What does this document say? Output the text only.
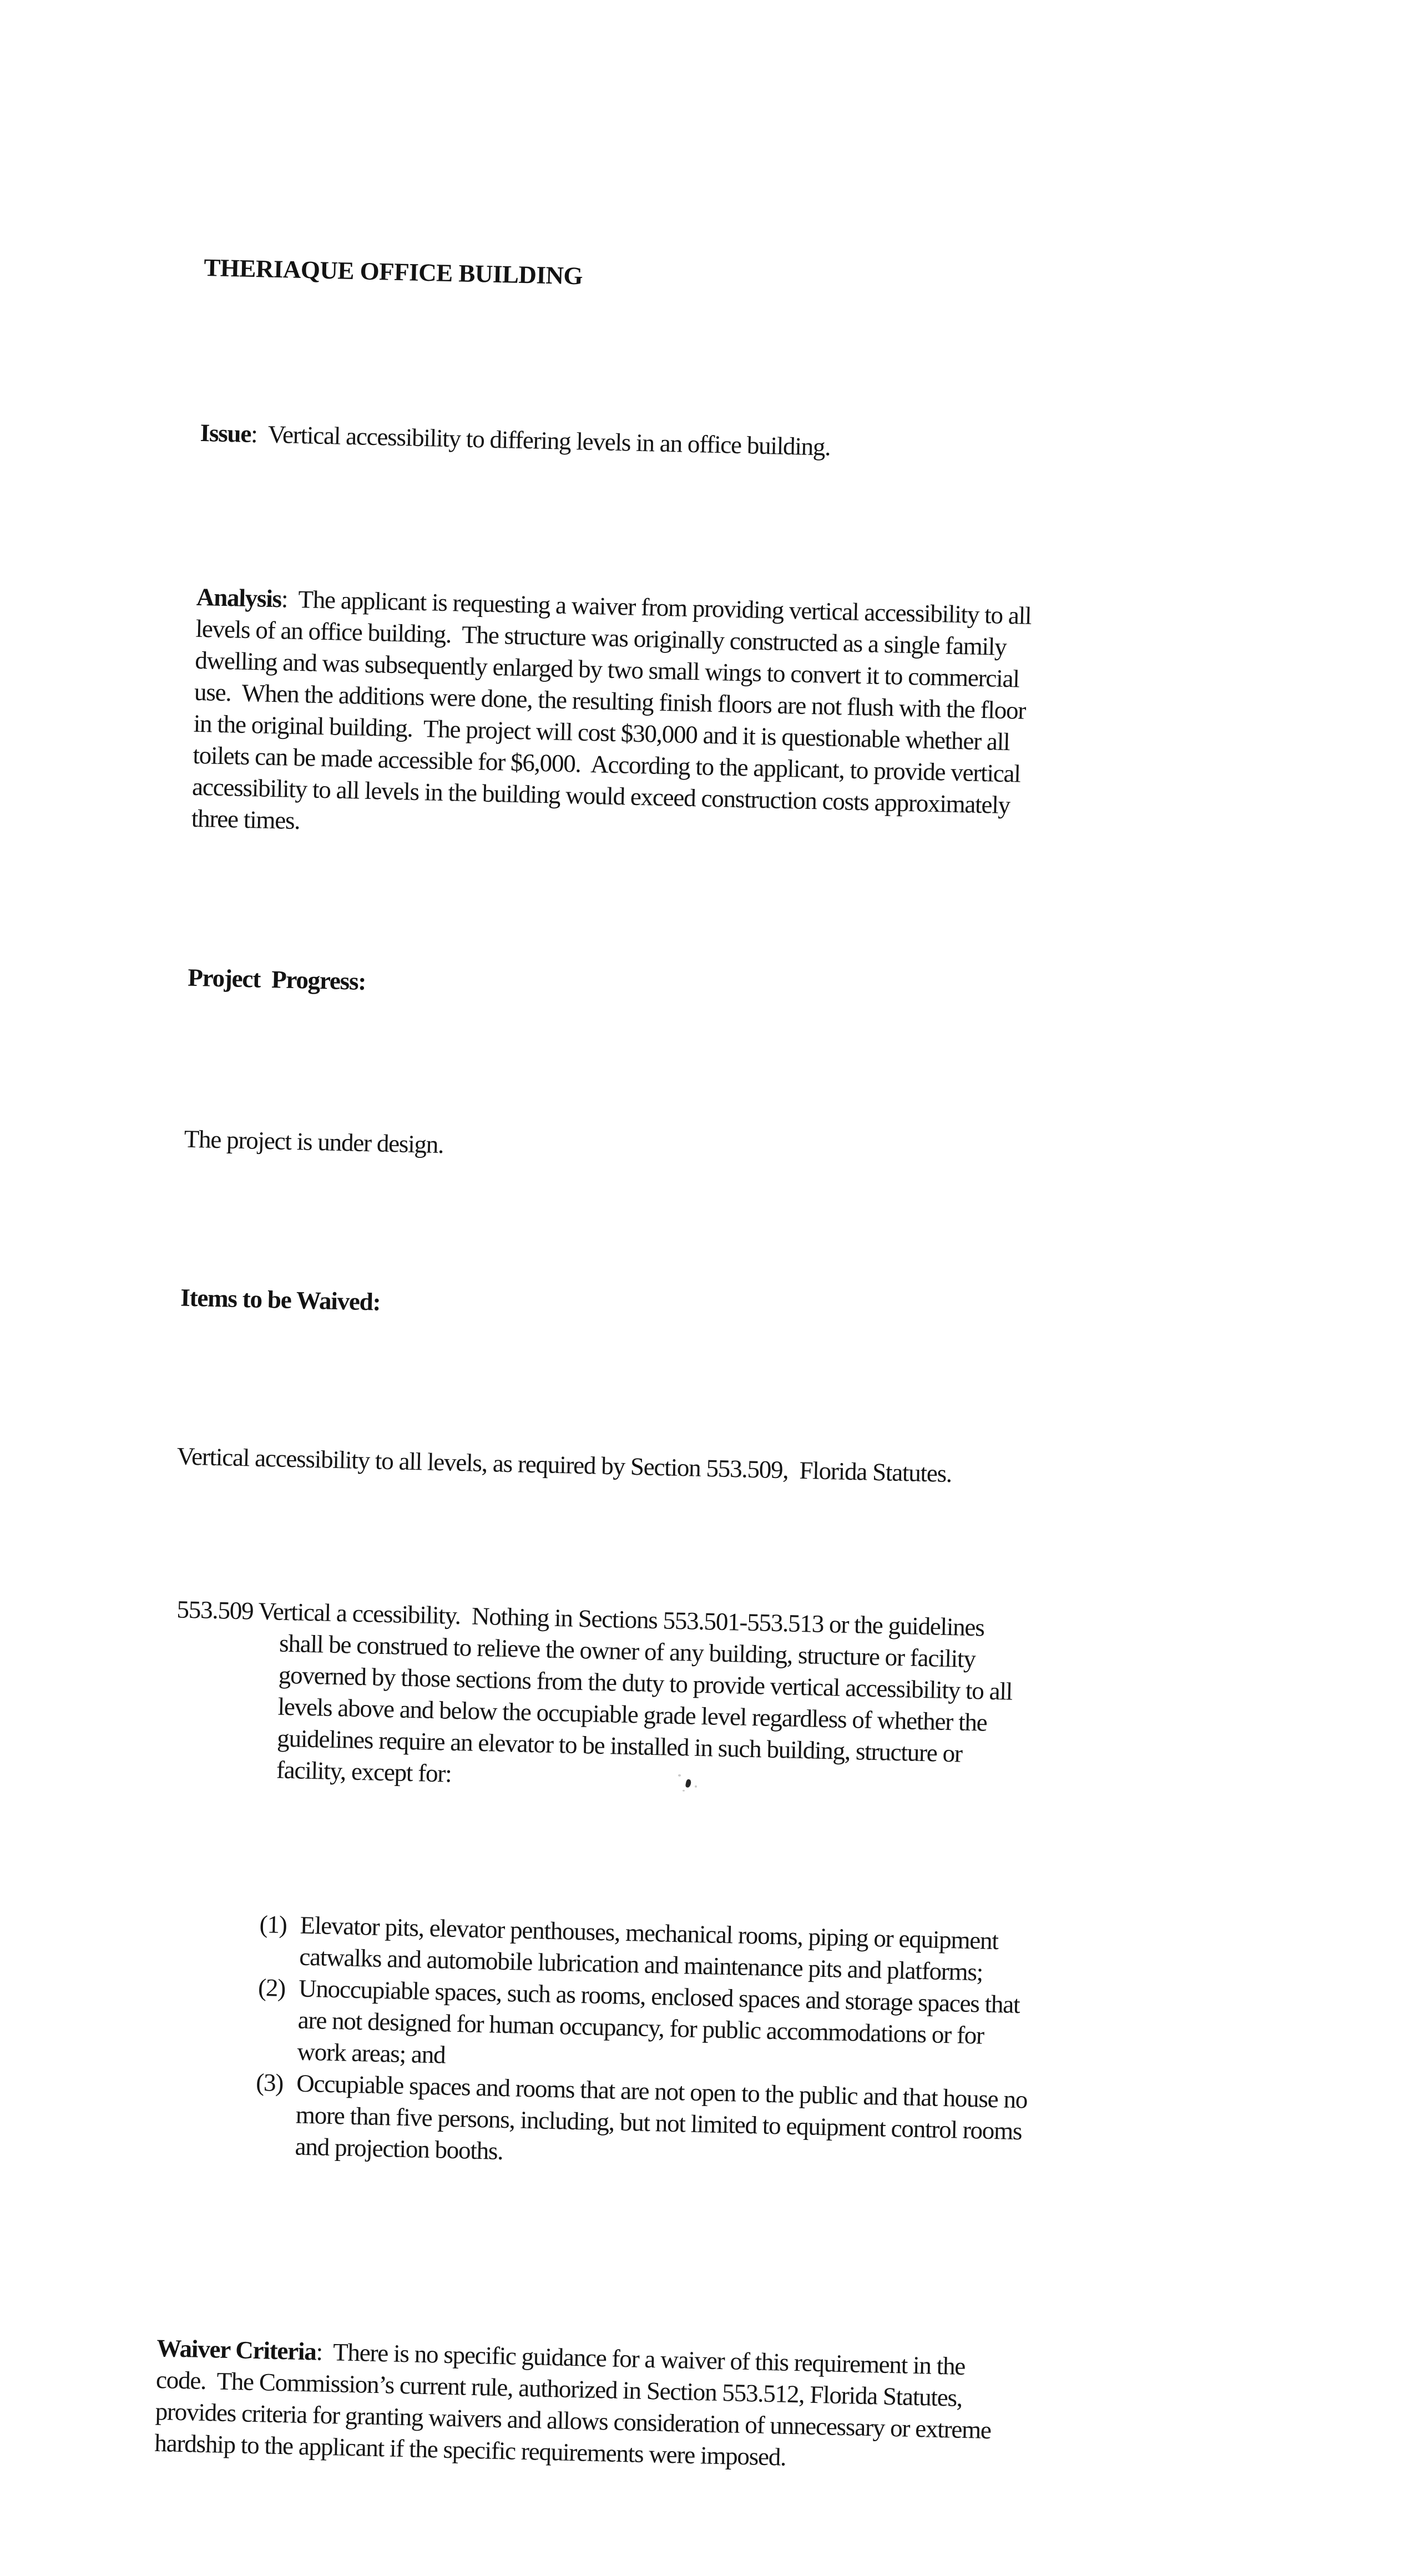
THERIAQUE OFFICE BUILDING

Issue:  Vertical accessibility to differing levels in an office building.

Analysis:  The applicant is requesting a waiver from providing vertical accessibility to all
levels of an office building.  The structure was originally constructed as a single family
dwelling and was subsequently enlarged by two small wings to convert it to commercial
use.  When the additions were done, the resulting finish floors are not flush with the floor
in the original building.  The project will cost $30,000 and it is questionable whether all
toilets can be made accessible for $6,000.  According to the applicant, to provide vertical
accessibility to all levels in the building would exceed construction costs approximately
three times.

Project  Progress:

The project is under design.

Items to be Waived:

Vertical accessibility to all levels, as required by Section 553.509,  Florida Statutes.

553.509 Vertical a ccessibility.  Nothing in Sections 553.501-553.513 or the guidelines
shall be construed to relieve the owner of any building, structure or facility
governed by those sections from the duty to provide vertical accessibility to all
levels above and below the occupiable grade level regardless of whether the
guidelines require an elevator to be installed in such building, structure or
facility, except for:

(1) Elevator pits, elevator penthouses, mechanical rooms, piping or equipment
catwalks and automobile lubrication and maintenance pits and platforms;
(2) Unoccupiable spaces, such as rooms, enclosed spaces and storage spaces that
are not designed for human occupancy, for public accommodations or for
work areas; and
(3) Occupiable spaces and rooms that are not open to the public and that house no
more than five persons, including, but not limited to equipment control rooms
and projection booths.

Waiver Criteria:  There is no specific guidance for a waiver of this requirement in the
code.  The Commission’s current rule, authorized in Section 553.512, Florida Statutes,
provides criteria for granting waivers and allows consideration of unnecessary or extreme
hardship to the applicant if the specific requirements were imposed.
